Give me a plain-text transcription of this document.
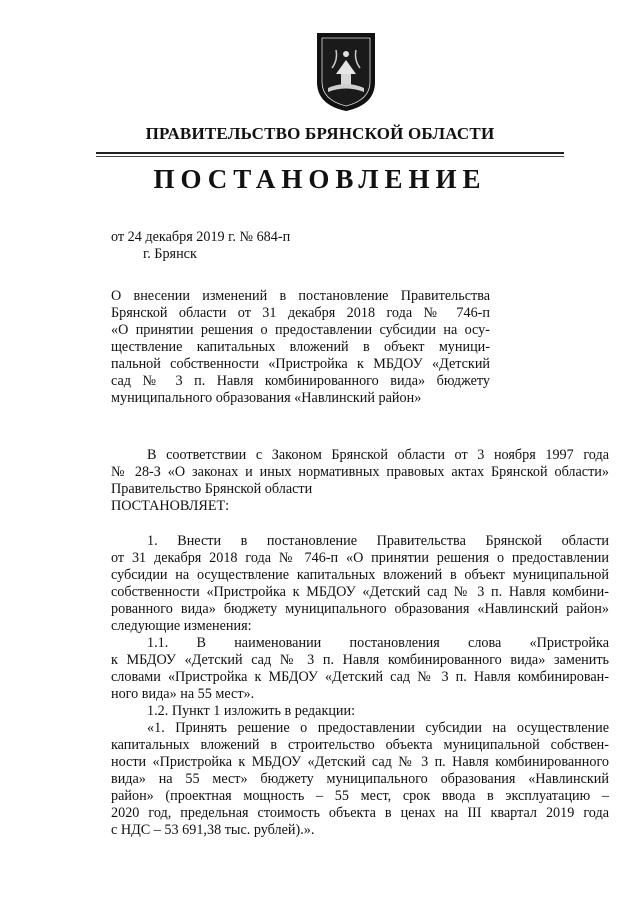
ПРАВИТЕЛЬСТВО БРЯНСКОЙ ОБЛАСТИ
ПОСТАНОВЛЕНИЕ
от 24 декабря 2019 г. № 684-п
г. Брянск
О внесении изменений в постановление Правительства
Брянской области от 31 декабря 2018 года № 746-п
«О принятии решения о предоставлении субсидии на осу-
ществление капитальных вложений в объект муници-
пальной собственности «Пристройка к МБДОУ «Детский
сад № 3 п. Навля комбинированного вида» бюджету
муниципального образования «Навлинский район»
В соответствии с Законом Брянской области от 3 ноября 1997 года
№ 28-З «О законах и иных нормативных правовых актах Брянской области»
Правительство Брянской области
ПОСТАНОВЛЯЕТ:
1. Внести в постановление Правительства Брянской области
от 31 декабря 2018 года № 746-п «О принятии решения о предоставлении
субсидии на осуществление капитальных вложений в объект муниципальной
собственности «Пристройка к МБДОУ «Детский сад № 3 п. Навля комбини-
рованного вида» бюджету муниципального образования «Навлинский район»
следующие изменения:
1.1. В наименовании постановления слова «Пристройка
к МБДОУ «Детский сад № 3 п. Навля комбинированного вида» заменить
словами «Пристройка к МБДОУ «Детский сад № 3 п. Навля комбинирован-
ного вида» на 55 мест».
1.2. Пункт 1 изложить в редакции:
«1. Принять решение о предоставлении субсидии на осуществление
капитальных вложений в строительство объекта муниципальной собствен-
ности «Пристройка к МБДОУ «Детский сад № 3 п. Навля комбинированного
вида» на 55 мест» бюджету муниципального образования «Навлинский
район» (проектная мощность – 55 мест, срок ввода в эксплуатацию –
2020 год, предельная стоимость объекта в ценах на III квартал 2019 года
с НДС – 53 691,38 тыс. рублей).».
